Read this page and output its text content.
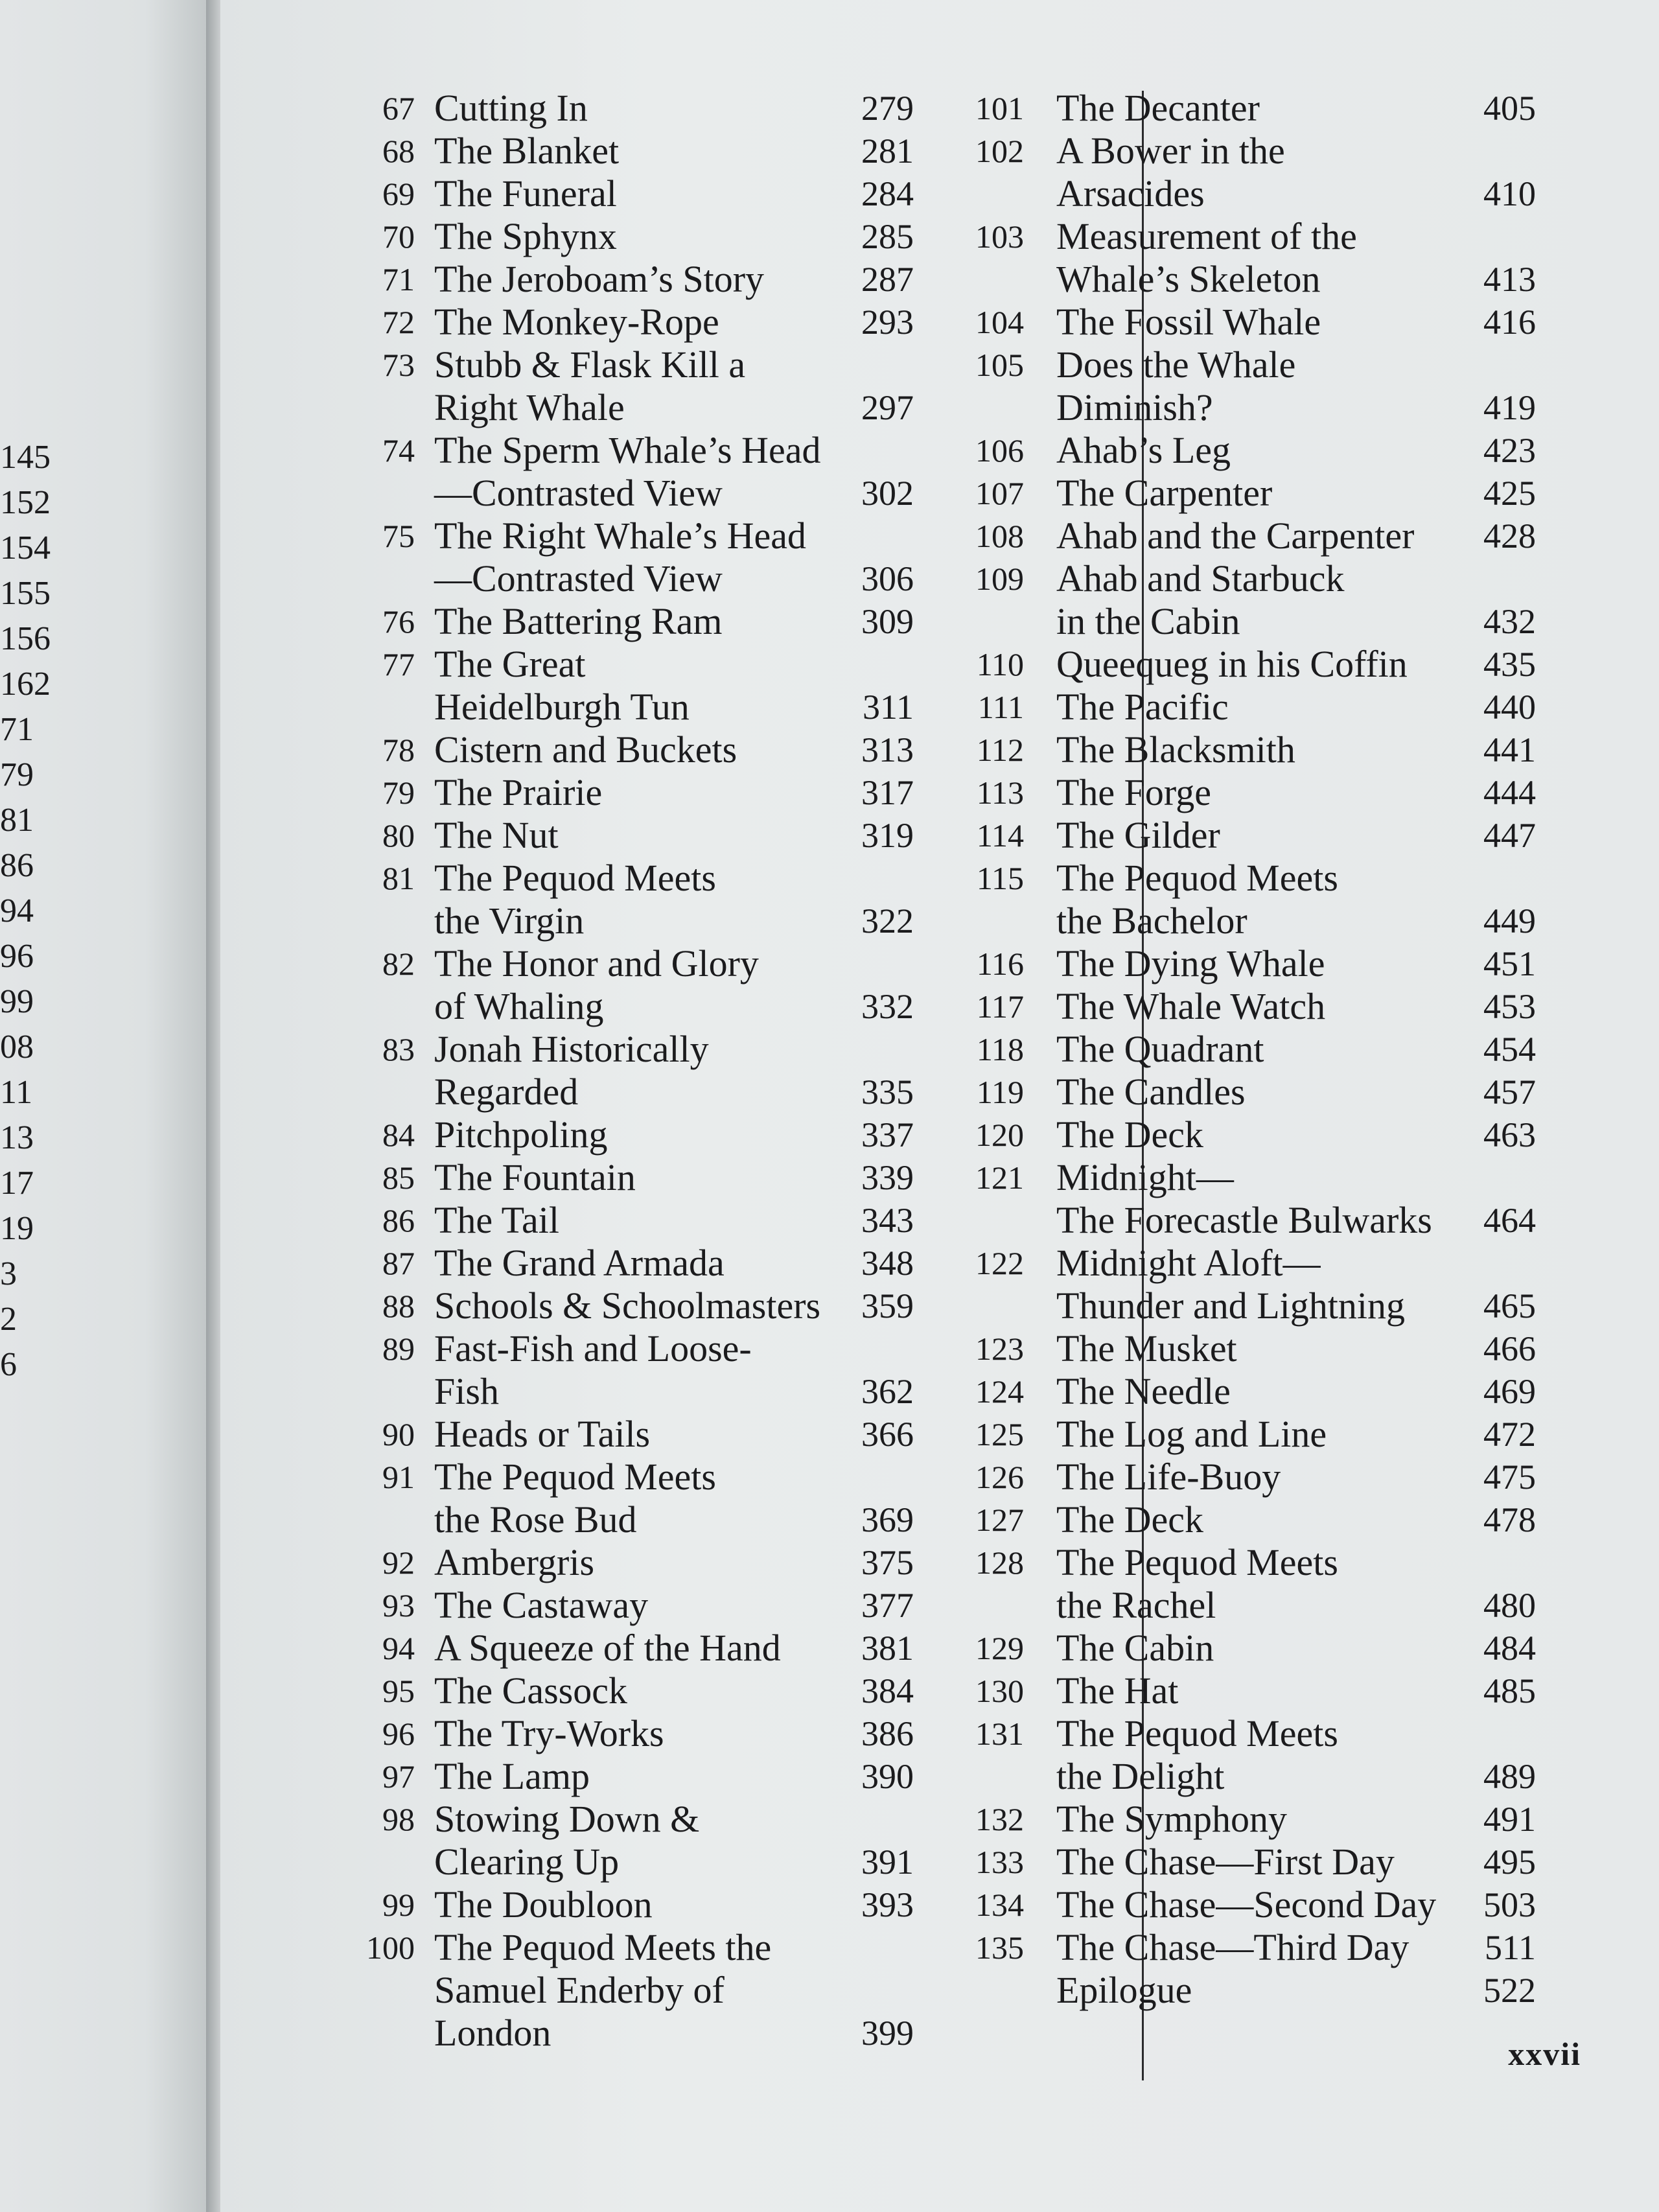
145
152
154
155
156
162
71
79
81
86
94
96
99
08
11
13
17
19
3
2
6
67 Cutting In	279
68 The Blanket	281
69 The Funeral	284
70 The Sphynx	285
71 The Jeroboam’s Story	287
72 The Monkey-Rope	293
73 Stubb & Flask Kill a
Right Whale	297
74 The Sperm Whale’s Head
—Contrasted View	302
75 The Right Whale’s Head
—Contrasted View	306
76 The Battering Ram	309
77 The Great
Heidelburgh Tun	311
78 Cistern and Buckets	313
79 The Prairie	317
80 The Nut	319
81 The Pequod Meets
the Virgin	322
82 The Honor and Glory
of Whaling	332
83 Jonah Historically
Regarded	335
84 Pitchpoling	337
85 The Fountain	339
86 The Tail	343
87 The Grand Armada	348
88 Schools & Schoolmasters	359
89 Fast-Fish and Loose-
Fish	362
90 Heads or Tails	366
91 The Pequod Meets
the Rose Bud	369
92 Ambergris	375
93 The Castaway	377
94 A Squeeze of the Hand	381
95 The Cassock	384
96 The Try-Works	386
97 The Lamp	390
98 Stowing Down &
Clearing Up	391
99 The Doubloon	393
100 The Pequod Meets the
Samuel Enderby of
London	399
101 The Decanter	405
102 A Bower in the
Arsacides	410
103 Measurement of the
Whale’s Skeleton	413
104 The Fossil Whale	416
105 Does the Whale
Diminish?	419
106 Ahab’s Leg	423
107 The Carpenter	425
108 Ahab and the Carpenter	428
109 Ahab and Starbuck
in the Cabin	432
110 Queequeg in his Coffin	435
111 The Pacific	440
112 The Blacksmith	441
113 The Forge	444
114 The Gilder	447
115 The Pequod Meets
the Bachelor	449
116 The Dying Whale	451
117 The Whale Watch	453
118 The Quadrant	454
119 The Candles	457
120 The Deck	463
121 Midnight—
The Forecastle Bulwarks	464
122 Midnight Aloft—
Thunder and Lightning	465
123 The Musket	466
124 The Needle	469
125 The Log and Line	472
126 The Life-Buoy	475
127 The Deck	478
128 The Pequod Meets
the Rachel	480
129 The Cabin	484
130 The Hat	485
131 The Pequod Meets
the Delight	489
132 The Symphony	491
133 The Chase—First Day	495
134 The Chase—Second Day	503
135 The Chase—Third Day	511
Epilogue	522
xxvii
